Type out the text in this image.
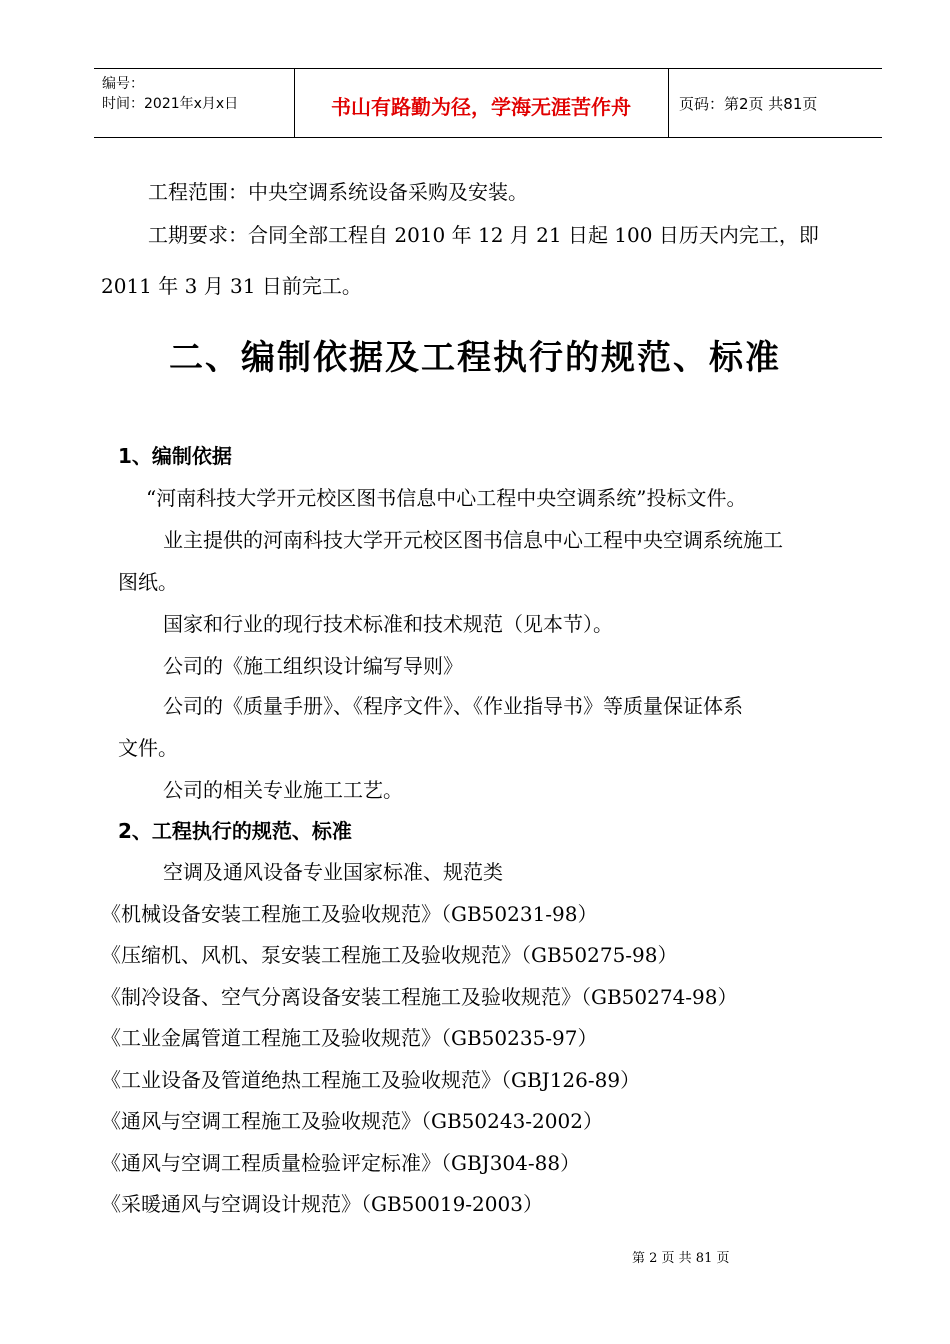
编号：
时间：2021年x月x日	书山有路勤为径，学海无涯苦作舟	页码：第2页 共81页
工程范围：中央空调系统设备采购及安装。
工期要求：合同全部工程自 2010 年 12 月 21 日起 100 日历天内完工，即
2011 年 3 月 31 日前完工。
二、编制依据及工程执行的规范、标准
1、编制依据
“河南科技大学开元校区图书信息中心工程中央空调系统”投标文件。
业主提供的河南科技大学开元校区图书信息中心工程中央空调系统施工
图纸。
国家和行业的现行技术标准和技术规范（见本节）。
公司的《施工组织设计编写导则》
公司的《质量手册》、《程序文件》、《作业指导书》等质量保证体系
文件。
公司的相关专业施工工艺。
2、工程执行的规范、标准
空调及通风设备专业国家标准、规范类
《机械设备安装工程施工及验收规范》（GB50231-98）
《压缩机、风机、泵安装工程施工及验收规范》（GB50275-98）
《制冷设备、空气分离设备安装工程施工及验收规范》（GB50274-98）
《工业金属管道工程施工及验收规范》（GB50235-97）
《工业设备及管道绝热工程施工及验收规范》（GBJ126-89）
《通风与空调工程施工及验收规范》（GB50243-2002）
《通风与空调工程质量检验评定标准》（GBJ304-88）
《采暖通风与空调设计规范》（GB50019-2003）
第 2 页 共 81 页
